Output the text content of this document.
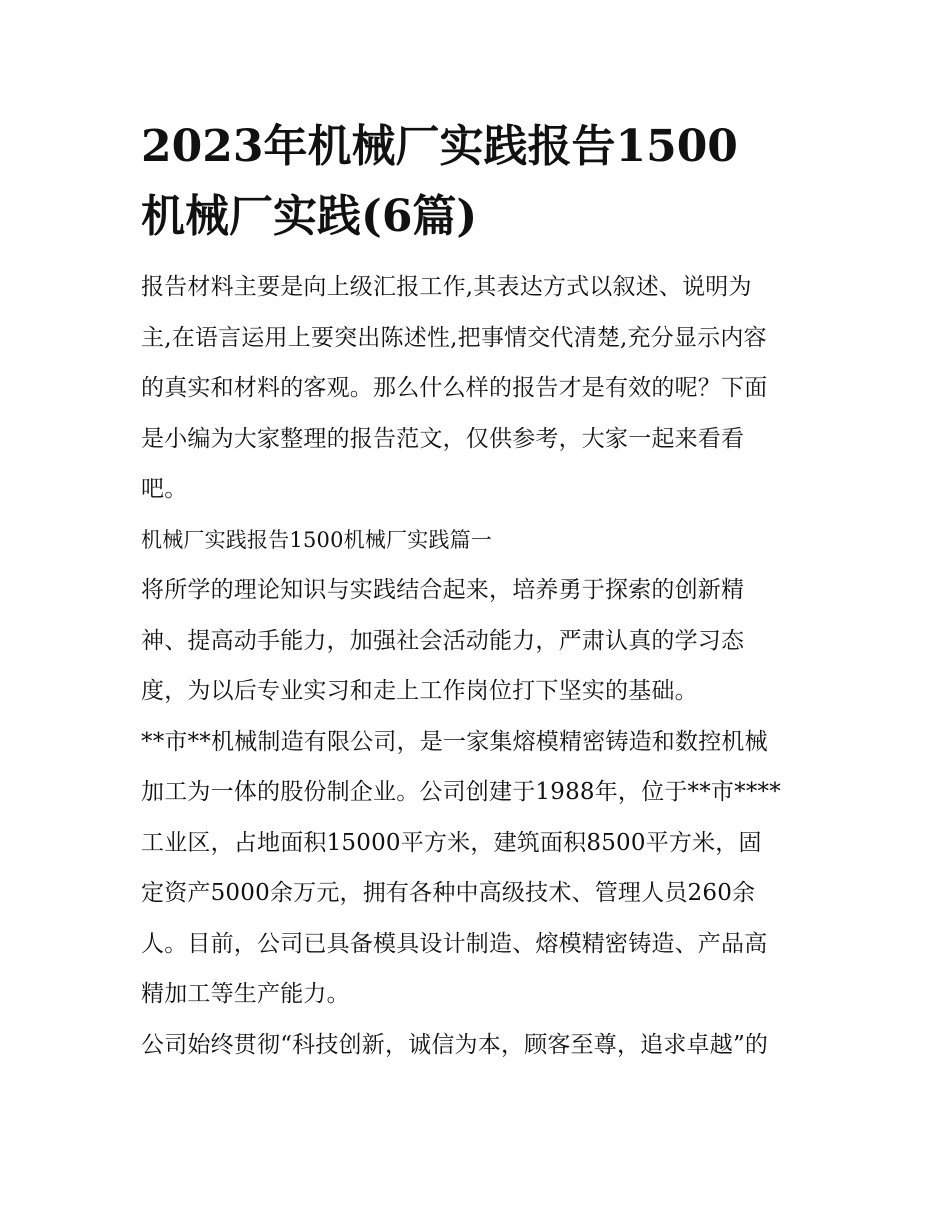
2023年机械厂实践报告1500
机械厂实践(6篇)
报告材料主要是向上级汇报工作,其表达方式以叙述、说明为
主,在语言运用上要突出陈述性,把事情交代清楚,充分显示内容
的真实和材料的客观。那么什么样的报告才是有效的呢？下面
是小编为大家整理的报告范文，仅供参考，大家一起来看看
吧。
机械厂实践报告1500机械厂实践篇一
将所学的理论知识与实践结合起来，培养勇于探索的创新精
神、提高动手能力，加强社会活动能力，严肃认真的学习态
度，为以后专业实习和走上工作岗位打下坚实的基础。
**市**机械制造有限公司，是一家集熔模精密铸造和数控机械
加工为一体的股份制企业。公司创建于1988年，位于**市****
工业区，占地面积15000平方米，建筑面积8500平方米，固
定资产5000余万元，拥有各种中高级技术、管理人员260余
人。目前，公司已具备模具设计制造、熔模精密铸造、产品高
精加工等生产能力。
公司始终贯彻“科技创新，诚信为本，顾客至尊，追求卓越”的
